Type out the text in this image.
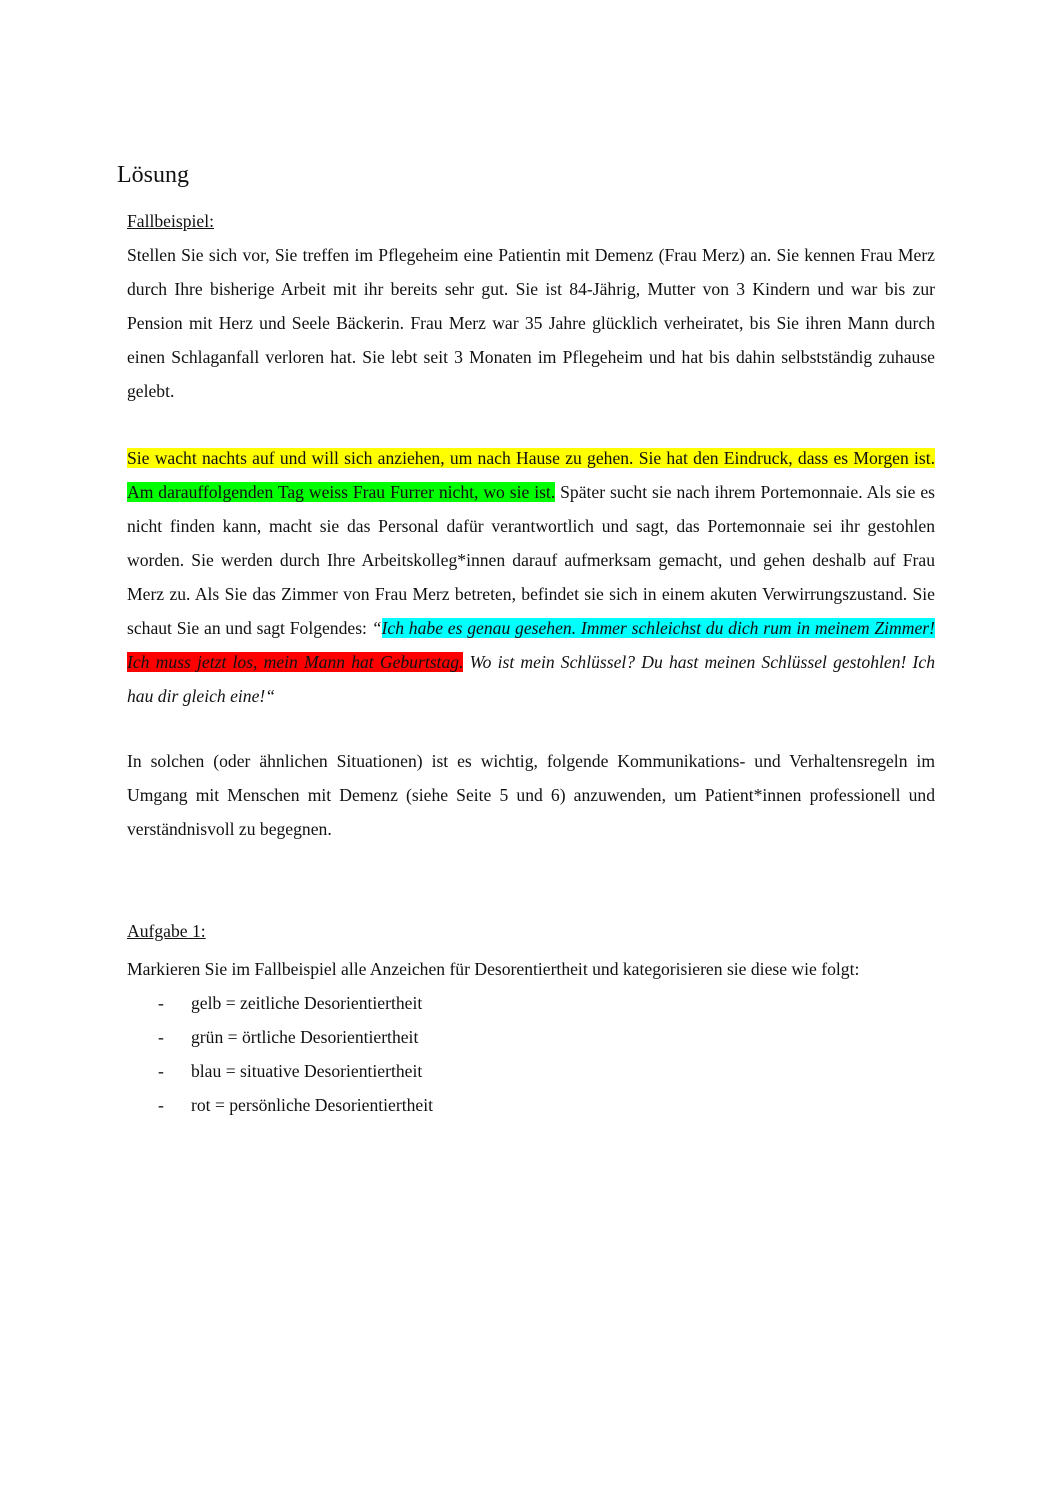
Lösung
Fallbeispiel:

Stellen Sie sich vor, Sie treffen im Pflegeheim eine Patientin mit Demenz (Frau Merz) an. Sie kennen Frau Merz durch Ihre bisherige Arbeit mit ihr bereits sehr gut. Sie ist 84-Jährig, Mutter von 3 Kindern und war bis zur Pension mit Herz und Seele Bäckerin. Frau Merz war 35 Jahre glücklich verheiratet, bis Sie ihren Mann durch einen Schlaganfall verloren hat. Sie lebt seit 3 Monaten im Pflegeheim und hat bis dahin selbstständig zuhause gelebt.

Sie wacht nachts auf und will sich anziehen, um nach Hause zu gehen. Sie hat den Eindruck, dass es Morgen ist. Am darauffolgenden Tag weiss Frau Furrer nicht, wo sie ist. Später sucht sie nach ihrem Portemonnaie. Als sie es nicht finden kann, macht sie das Personal dafür verantwortlich und sagt, das Portemonnaie sei ihr gestohlen worden. Sie werden durch Ihre Arbeitskolleg*innen darauf aufmerksam gemacht, und gehen deshalb auf Frau Merz zu. Als Sie das Zimmer von Frau Merz betreten, befindet sie sich in einem akuten Verwirrungszustand. Sie schaut Sie an und sagt Folgendes: “Ich habe es genau gesehen. Immer schleichst du dich rum in meinem Zimmer! Ich muss jetzt los, mein Mann hat Geburtstag. Wo ist mein Schlüssel? Du hast meinen Schlüssel gestohlen! Ich hau dir gleich eine!“

In solchen (oder ähnlichen Situationen) ist es wichtig, folgende Kommunikations- und Verhaltensregeln im Umgang mit Menschen mit Demenz (siehe Seite 5 und 6) anzuwenden, um Patient*innen professionell und verständnisvoll zu begegnen.

Aufgabe 1:
Markieren Sie im Fallbeispiel alle Anzeichen für Desorentiertheit und kategorisieren sie diese wie folgt:
- gelb = zeitliche Desorientiertheit
- grün = örtliche Desorientiertheit
- blau = situative Desorientiertheit
- rot = persönliche Desorientiertheit
